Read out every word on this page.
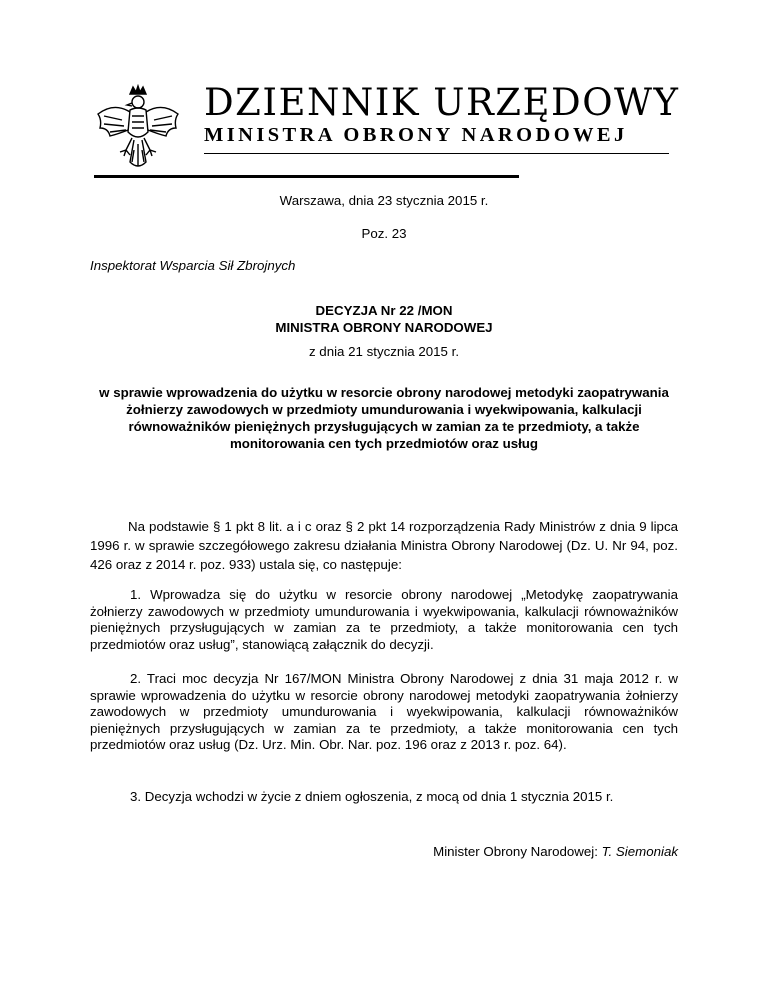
DZIENNIK URZĘDOWY
MINISTRA OBRONY NARODOWEJ
Warszawa, dnia 23 stycznia 2015 r.
Poz. 23
Inspektorat Wsparcia Sił Zbrojnych
DECYZJA Nr 22 /MON
MINISTRA OBRONY NARODOWEJ
z dnia 21 stycznia 2015 r.
w sprawie wprowadzenia do użytku w resorcie obrony narodowej metodyki zaopatrywania żołnierzy zawodowych w przedmioty umundurowania i wyekwipowania, kalkulacji równoważników pieniężnych przysługujących w zamian za te przedmioty, a także monitorowania cen tych przedmiotów oraz usług
Na podstawie § 1 pkt 8 lit. a i c oraz § 2 pkt 14 rozporządzenia Rady Ministrów z dnia 9 lipca 1996 r. w sprawie szczegółowego zakresu działania Ministra Obrony Narodowej (Dz. U. Nr 94, poz. 426 oraz z 2014 r. poz. 933) ustala się, co następuje:
1. Wprowadza się do użytku w resorcie obrony narodowej „Metodykę zaopatrywania żołnierzy zawodowych w przedmioty umundurowania i wyekwipowania, kalkulacji równoważników pieniężnych przysługujących w zamian za te przedmioty, a także monitorowania cen tych przedmiotów oraz usług”, stanowiącą załącznik do decyzji.
2. Traci moc decyzja Nr 167/MON Ministra Obrony Narodowej z dnia 31 maja 2012 r. w sprawie wprowadzenia do użytku w resorcie obrony narodowej metodyki zaopatrywania żołnierzy zawodowych w przedmioty umundurowania i wyekwipowania, kalkulacji równoważników pieniężnych przysługujących w zamian za te przedmioty, a także monitorowania cen tych przedmiotów oraz usług (Dz. Urz. Min. Obr. Nar. poz. 196 oraz z 2013 r. poz. 64).
3. Decyzja wchodzi w życie z dniem ogłoszenia, z mocą od dnia 1 stycznia 2015 r.
Minister Obrony Narodowej: T. Siemoniak
